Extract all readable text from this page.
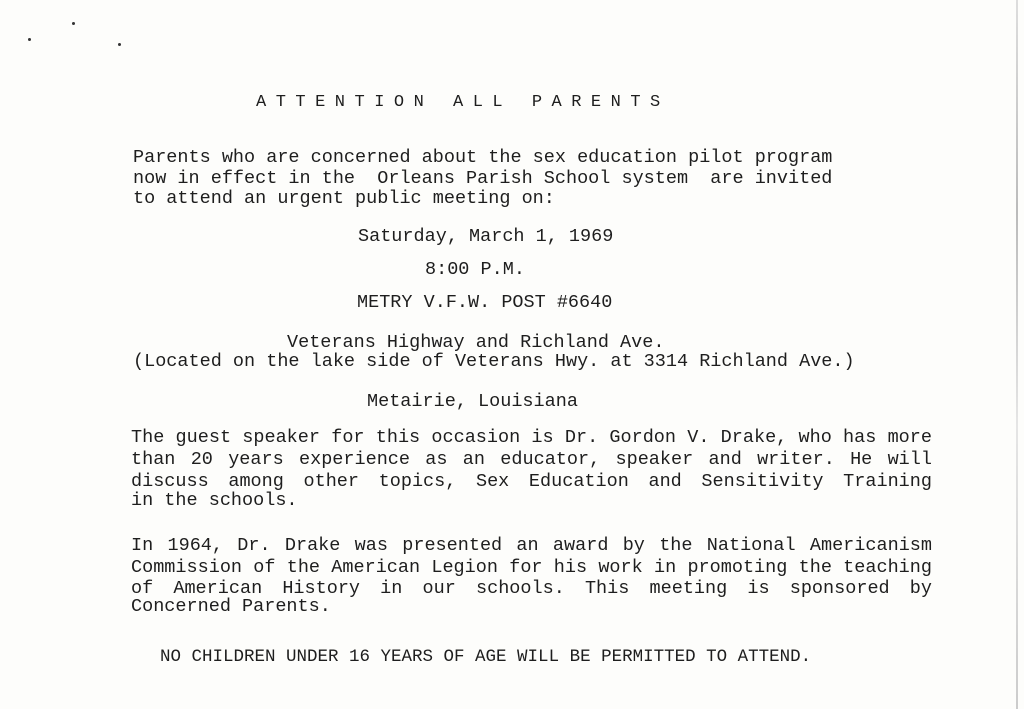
ATTENTION ALL PARENTS
Parents who are concerned about the sex education pilot program
now in effect in the  Orleans Parish School system  are invited
to attend an urgent public meeting on:
Saturday, March 1, 1969
8:00 P.M.
METRY V.F.W. POST #6640
Veterans Highway and Richland Ave.
(Located on the lake side of Veterans Hwy. at 3314 Richland Ave.)
Metairie, Louisiana
The guest speaker for this occasion is Dr. Gordon V. Drake, who has more
than 20 years experience as an educator, speaker and writer. He will
discuss among other topics, Sex Education and Sensitivity Training
in the schools.
In 1964, Dr. Drake was presented an award by the National Americanism
Commission of the American Legion for his work in promoting the teaching
of American History in our schools. This meeting is sponsored by
Concerned Parents.
NO CHILDREN UNDER 16 YEARS OF AGE WILL BE PERMITTED TO ATTEND.
